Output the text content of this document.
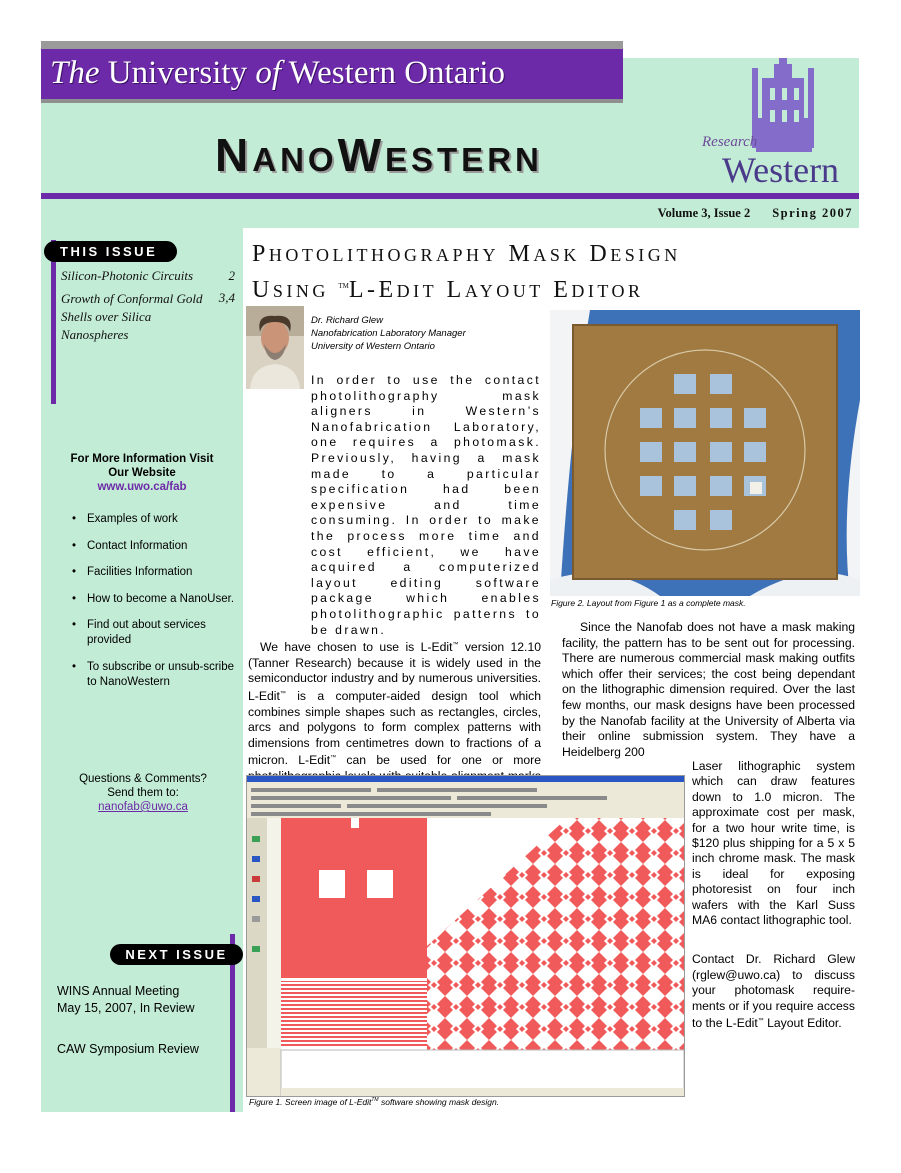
The University of Western Ontario
NANOWESTERN	Research
Western
Volume 3, Issue 2 Spring 2007
THIS ISSUE
Silicon-Photonic Circuits	2
Growth of Conformal Gold Shells over Silica Nanospheres
3,4
For More Information Visit
Our Website
www.uwo.ca/fab
• Examples of work
• Contact Information
• Facilities Information
• How to become a NanoUser.
• Find out about services provided
• To subscribe or unsub-scribe to NanoWestern
Questions & Comments?
Send them to:
nanofab@uwo.ca
NEXT ISSUE
WINS Annual Meeting
May 15, 2007, In Review
CAW Symposium Review
PHOTOLITHOGRAPHY MASK DESIGN
USING ™L-EDIT LAYOUT EDITOR
Dr. Richard Glew
Nanofabrication Laboratory Manager
University of Western Ontario

In order to use the contact photolithography mask aligners in Western’s Nanofabrication Laboratory, one requires a photomask. Previously, having a mask made to a particular specification had been expensive and time consuming. In order to make the process more time and cost efficient, we have acquired a computerized layout editing software package which enables photolithographic patterns to be drawn.

We have chosen to use is L-Edit™ version 12.10 (Tanner Research) because it is widely used in the semiconductor industry and by numerous universities. L-Edit™ is a computer-aided design tool which combines simple shapes such as rectangles, circles, arcs and polygons to form complex patterns with dimensions from centimetres down to fractions of a micron. L-Edit™ can be used for one or more

Figure 2. Layout from Figure 1 as a complete mask.

Since the Nanofab does not have a mask making facility, the pattern has to be sent out for processing. There are numerous commercial mask making outfits which offer their services; the cost being dependant on the lithographic dimension required. Over the last few months, our mask designs have been processed by the Nanofab facility at the University of Alberta via their online submission system. They have a Heidelberg 200

Laser lithographic system which can draw features down to 1.0 micron. The approximate cost per mask, for a two hour write time, is $120 plus shipping for a 5 x 5 inch chrome mask. The mask is ideal for exposing photoresist on four inch wafers with the Karl Suss MA6 contact lithographic tool.

Contact Dr. Richard Glew (rglew@uwo.ca) to discuss your photomask require-ments or if you require access to the L-Edit™ Layout Editor.

Figure 1. Screen image of L-Edit™ software showing mask design.
